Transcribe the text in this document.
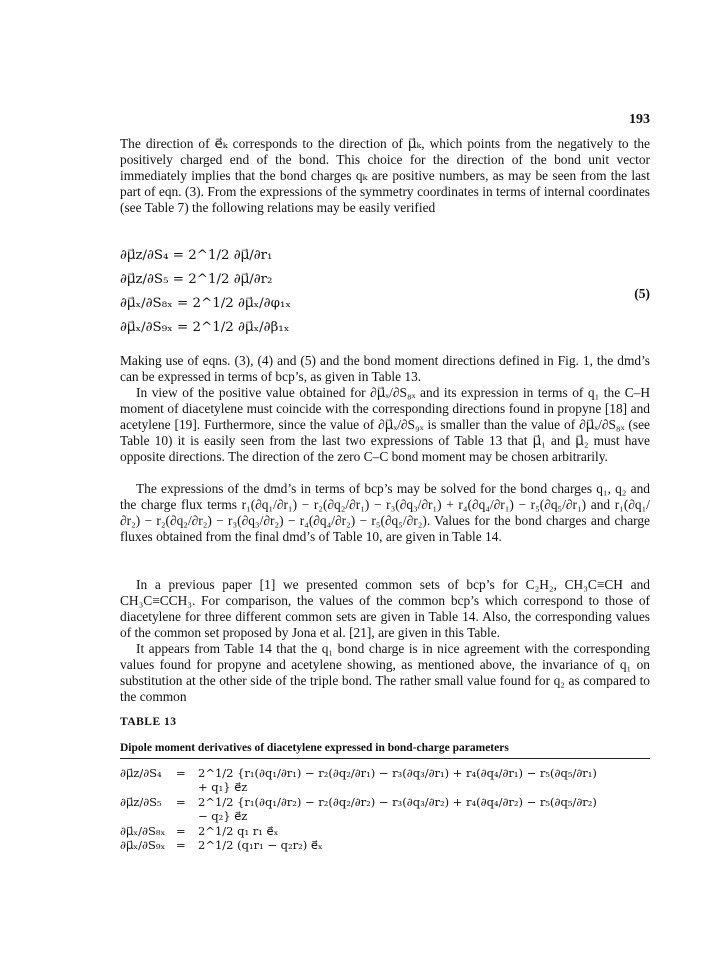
193

The direction of e⃗ₖ corresponds to the direction of μ⃗ₖ, which points from the negatively to the positively charged end of the bond. This choice for the direction of the bond unit vector immediately implies that the bond charges qₖ are positive numbers, as may be seen from the last part of eqn. (3). From the expressions of the symmetry coordinates in terms of internal coordinates (see Table 7) the following relations may be easily verified

∂μ⃗z/∂S₄ = 2^1/2 ∂μ⃗/∂r₁
∂μ⃗z/∂S₅ = 2^1/2 ∂μ⃗/∂r₂
∂μ⃗ₓ/∂S₈ₓ = 2^1/2 ∂μ⃗ₓ/∂φ₁ₓ
∂μ⃗ₓ/∂S₉ₓ = 2^1/2 ∂μ⃗ₓ/∂β₁ₓ
(5)

Making use of eqns. (3), (4) and (5) and the bond moment directions defined in Fig. 1, the dmd’s can be expressed in terms of bcp’s, as given in Table 13.

In view of the positive value obtained for ∂μ⃗ₓ/∂S₈ₓ and its expression in terms of q₁ the C–H moment of diacetylene must coincide with the corresponding directions found in propyne [18] and acetylene [19]. Furthermore, since the value of ∂μ⃗ₓ/∂S₉ₓ is smaller than the value of ∂μ⃗ₓ/∂S₈ₓ (see Table 10) it is easily seen from the last two expressions of Table 13 that μ⃗₁ and μ⃗₂ must have opposite directions. The direction of the zero C–C bond moment may be chosen arbitrarily.

The expressions of the dmd’s in terms of bcp’s may be solved for the bond charges q₁, q₂ and the charge flux terms r₁(∂q₁/∂r₁) − r₂(∂q₂/∂r₁) − r₃(∂q₃/∂r₁) + r₄(∂q₄/∂r₁) − r₅(∂q₅/∂r₁) and r₁(∂q₁/∂r₂) − r₂(∂q₂/∂r₂) − r₃(∂q₃/∂r₂) − r₄(∂q₄/∂r₂) − r₅(∂q₅/∂r₂). Values for the bond charges and charge fluxes obtained from the final dmd’s of Table 10, are given in Table 14.

In a previous paper [1] we presented common sets of bcp’s for C₂H₂, CH₃C≡CH and CH₃C≡CCH₃. For comparison, the values of the common bcp’s which correspond to those of diacetylene for three different common sets are given in Table 14. Also, the corresponding values of the common set proposed by Jona et al. [21], are given in this Table.

It appears from Table 14 that the q₁ bond charge is in nice agreement with the corresponding values found for propyne and acetylene showing, as mentioned above, the invariance of q₁ on substitution at the other side of the triple bond. The rather small value found for q₂ as compared to the common

TABLE 13
Dipole moment derivatives of diacetylene expressed in bond-charge parameters
∂μ⃗z/∂S₄ = 2^1/2 {r₁(∂q₁/∂r₁) − r₂(∂q₂/∂r₁) − r₃(∂q₃/∂r₁) + r₄(∂q₄/∂r₁) − r₅(∂q₅/∂r₁)
+ q₁} e⃗z
∂μ⃗z/∂S₅ = 2^1/2 {r₁(∂q₁/∂r₂) − r₂(∂q₂/∂r₂) − r₃(∂q₃/∂r₂) + r₄(∂q₄/∂r₂) − r₅(∂q₅/∂r₂)
− q₂} e⃗z
∂μ⃗ₓ/∂S₈ₓ = 2^1/2 q₁ r₁ e⃗ₓ
∂μ⃗ₓ/∂S₉ₓ = 2^1/2 (q₁r₁ − q₂r₂) e⃗ₓ
